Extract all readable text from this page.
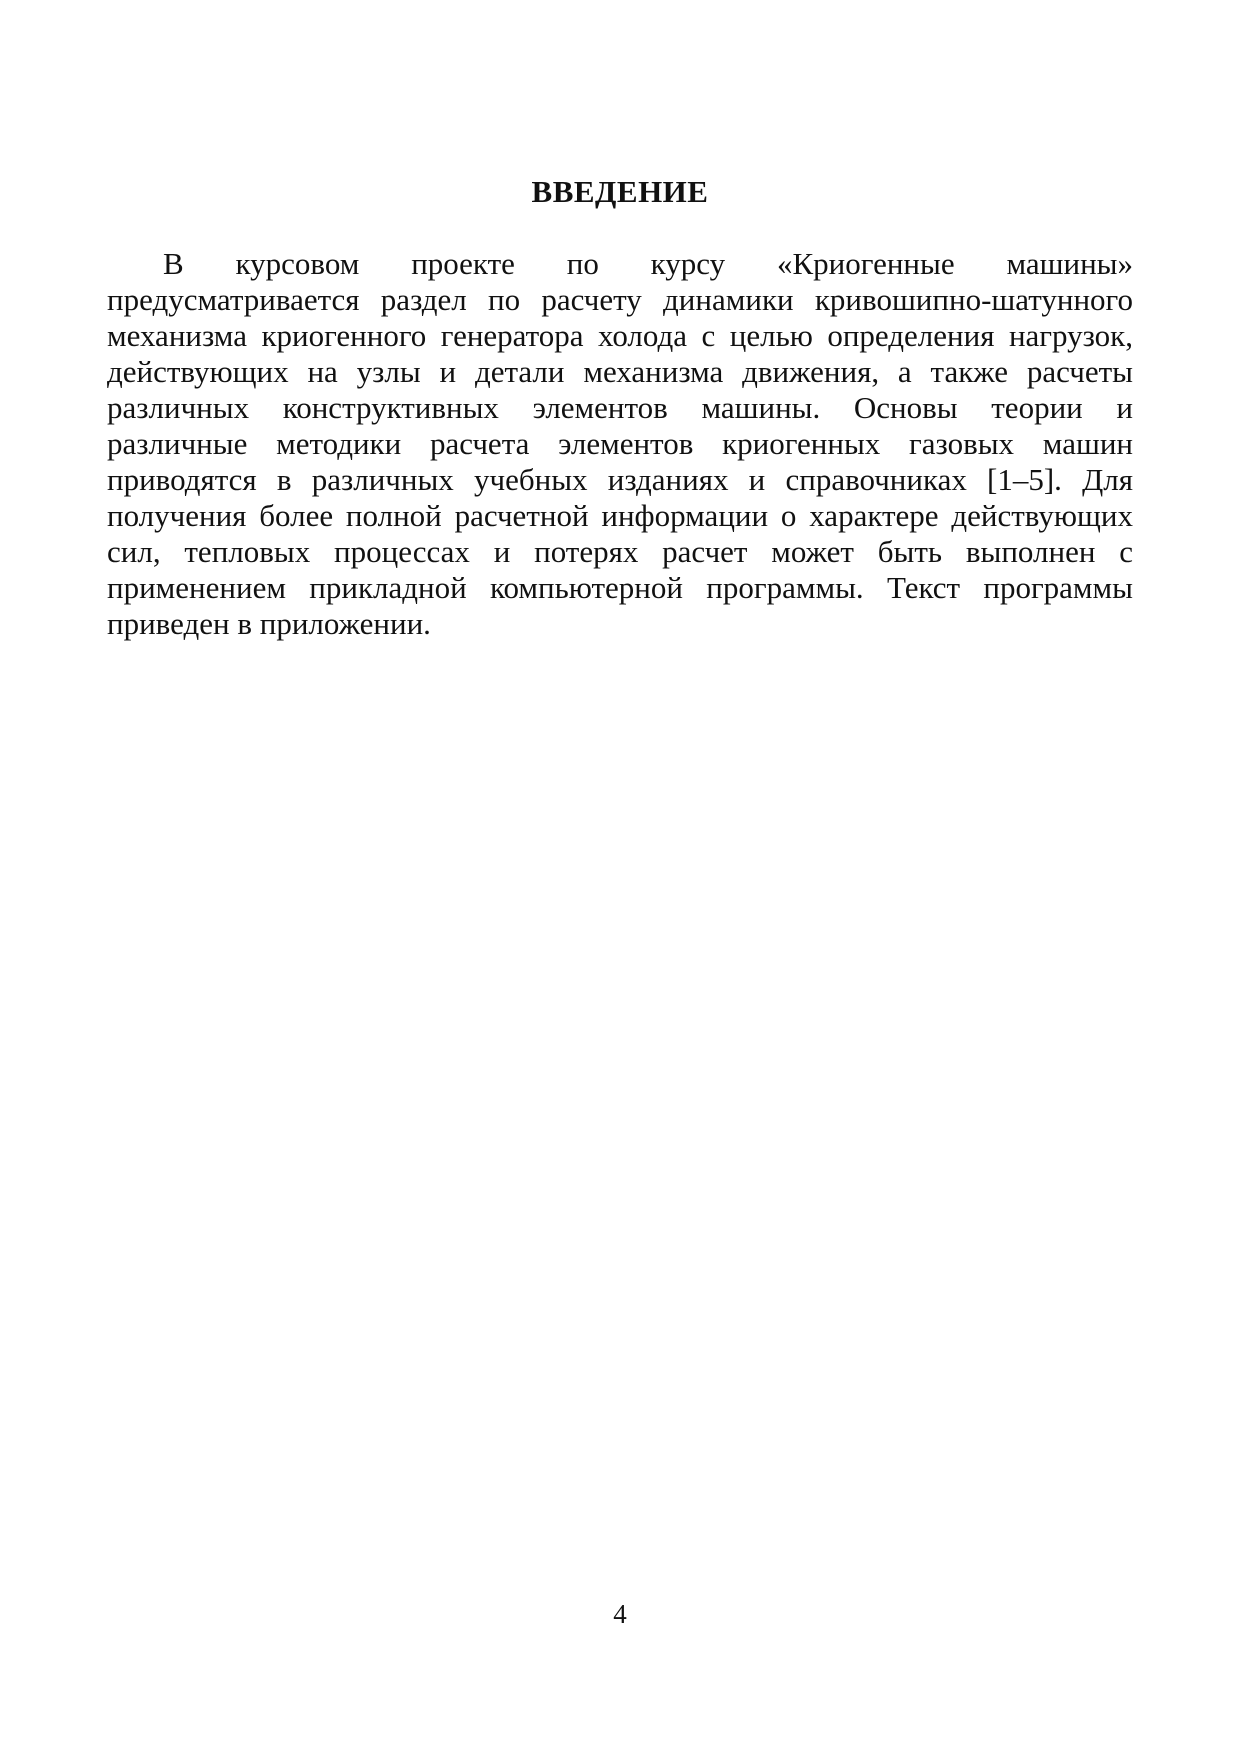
ВВЕДЕНИЕ
В курсовом проекте по курсу «Криогенные машины»
предусматривается раздел по расчету динамики кривошипно-шатунного
механизма криогенного генератора холода с целью определения нагрузок,
действующих на узлы и детали механизма движения, а также расчеты
различных конструктивных элементов машины. Основы теории и
различные методики расчета элементов криогенных газовых машин
приводятся в различных учебных изданиях и справочниках [1–5]. Для
получения более полной расчетной информации о характере действующих
сил, тепловых процессах и потерях расчет может быть выполнен с
применением прикладной компьютерной программы. Текст программы
приведен в приложении.
4
